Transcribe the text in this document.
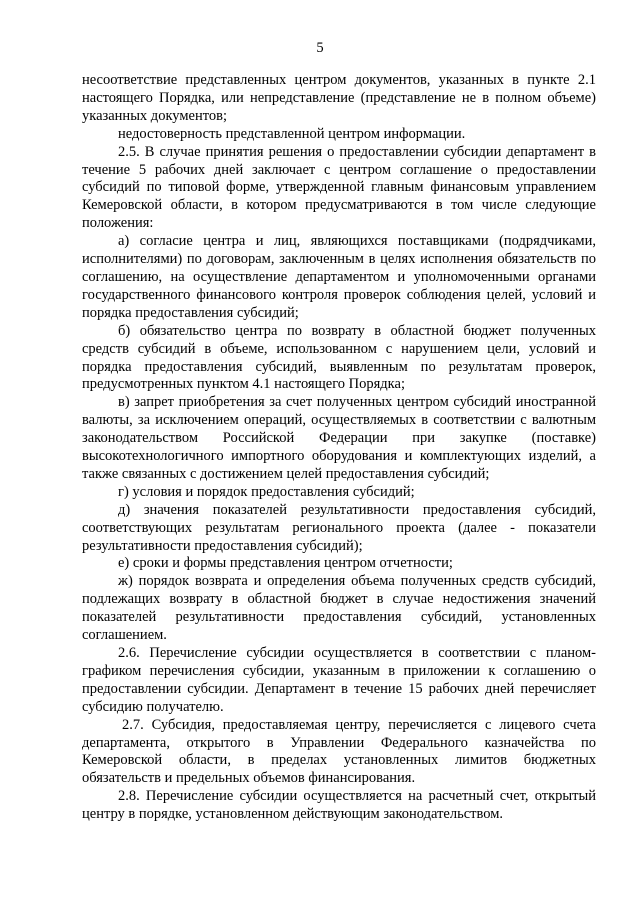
5

несоответствие представленных центром документов, указанных в пункте 2.1 настоящего Порядка, или непредставление (представление не в полном объеме) указанных документов;

недостоверность представленной центром информации.

2.5. В случае принятия решения о предоставлении субсидии департамент в течение 5 рабочих дней заключает с центром соглашение о предоставлении субсидий по типовой форме, утвержденной главным финансовым управлением Кемеровской области, в котором предусматриваются в том числе следующие положения:

а) согласие центра и лиц, являющихся поставщиками (подрядчиками, исполнителями) по договорам, заключенным в целях исполнения обязательств по соглашению, на осуществление департаментом и уполномоченными органами государственного финансового контроля проверок соблюдения целей, условий и порядка предоставления субсидий;

б) обязательство центра по возврату в областной бюджет полученных средств субсидий в объеме, использованном с нарушением цели, условий и порядка предоставления субсидий, выявленным по результатам проверок, предусмотренных пунктом 4.1 настоящего Порядка;

в) запрет приобретения за счет полученных центром субсидий иностранной валюты, за исключением операций, осуществляемых в соответствии с валютным законодательством Российской Федерации при закупке (поставке) высокотехнологичного импортного оборудования и комплектующих изделий, а также связанных с достижением целей предоставления субсидий;

г) условия и порядок предоставления субсидий;

д) значения показателей результативности предоставления субсидий, соответствующих результатам регионального проекта (далее - показатели результативности предоставления субсидий);

е) сроки и формы представления центром отчетности;

ж) порядок возврата и определения объема полученных средств субсидий, подлежащих возврату в областной бюджет в случае недостижения значений показателей результативности предоставления субсидий, установленных соглашением.

2.6. Перечисление субсидии осуществляется в соответствии с планом-графиком перечисления субсидии, указанным в приложении к соглашению о предоставлении субсидии. Департамент в течение 15 рабочих дней перечисляет субсидию получателю.

2.7. Субсидия, предоставляемая центру, перечисляется с лицевого счета департамента, открытого в Управлении Федерального казначейства по Кемеровской области, в пределах установленных лимитов бюджетных обязательств и предельных объемов финансирования.

2.8. Перечисление субсидии осуществляется на расчетный счет, открытый центру в порядке, установленном действующим законодательством.
